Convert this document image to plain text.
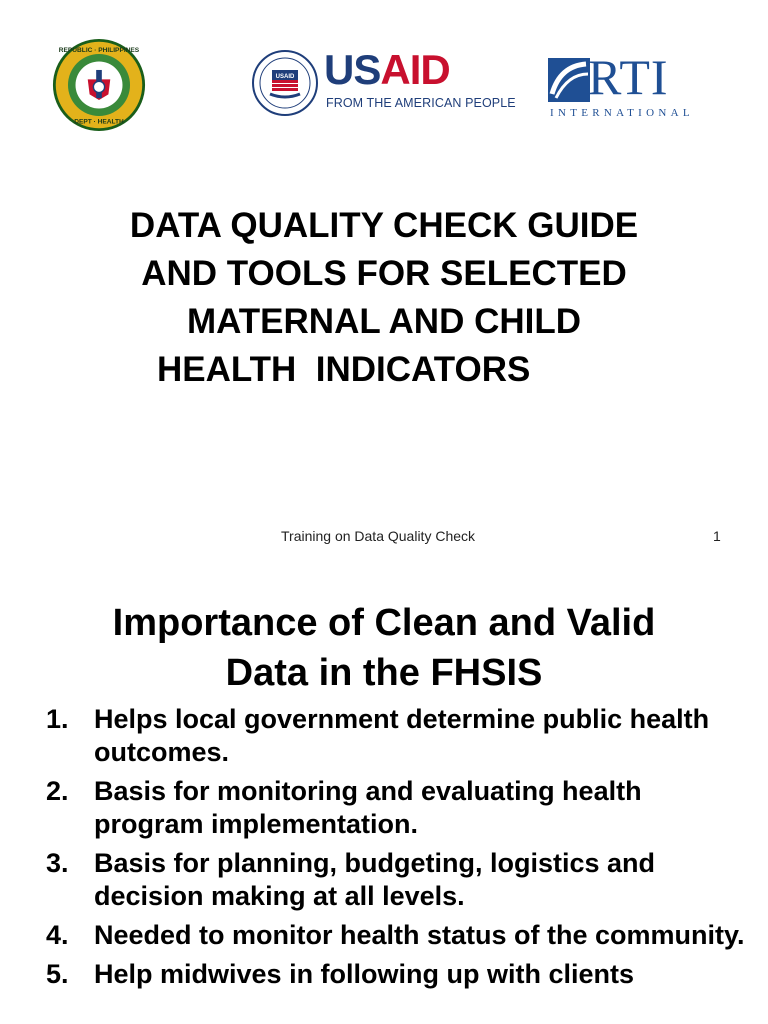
REPUBLIC · PHILIPPINES
DEPT · HEALTH
USAID USAID
FROM THE AMERICAN PEOPLE RTI
INTERNATIONAL
DATA QUALITY CHECK GUIDE
AND TOOLS FOR SELECTED
MATERNAL AND CHILD
HEALTH  INDICATORS
Training on Data Quality Check	1
Importance of Clean and Valid
Data in the FHSIS
1. Helps local government determine public health outcomes.
2. Basis for monitoring and evaluating health program implementation.
3. Basis for planning, budgeting, logistics and decision making at all levels.
4. Needed to monitor health status of the community.
5. Help midwives in following up with clients
